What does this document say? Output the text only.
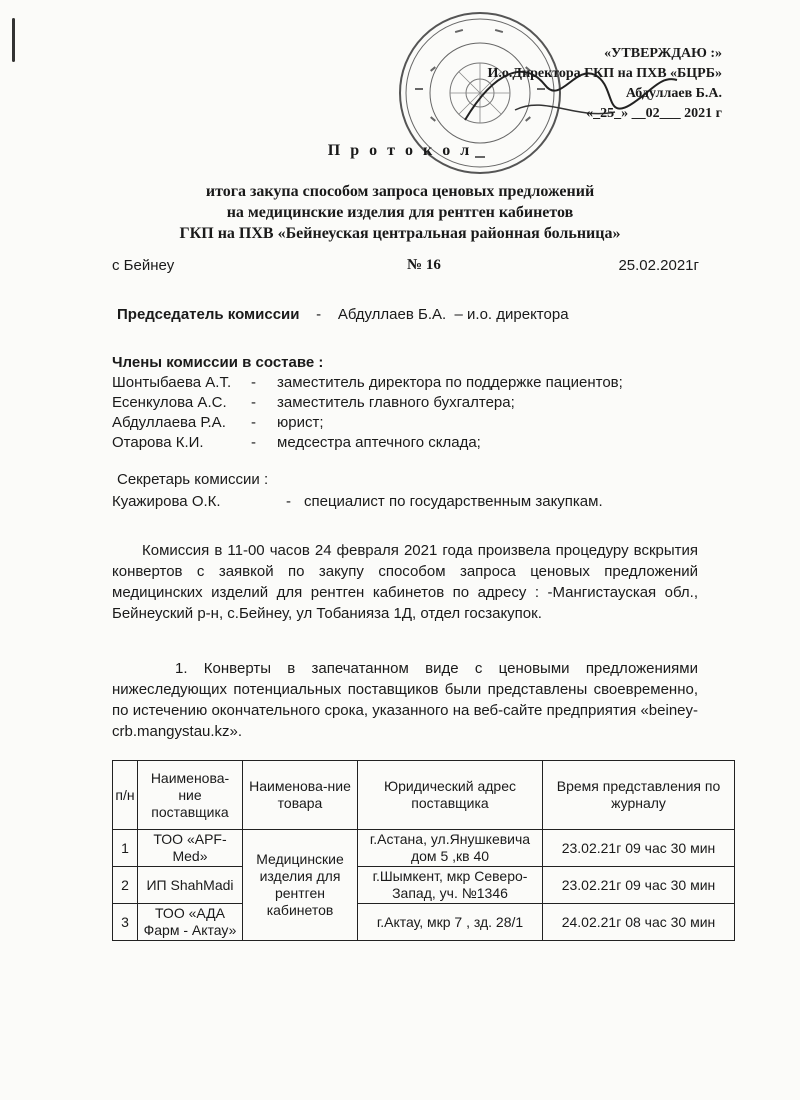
«УТВЕРЖДАЮ :»
И.о.Директора ГКП на ПХВ «БЦРБ»
Абдуллаев Б.А.
«_25_» __02___ 2021 г
П р о т о к о л
итога закупа способом запроса ценовых предложений
на медицинские изделия для рентген кабинетов
ГКП на ПХВ «Бейнеуская центральная районная больница»
с Бейнеу	№ 16	25.02.2021г
Председатель комиссии - Абдуллаев Б.А. – и.о. директора
Члены комиссии в составе :
Шонтыбаева А.Т. - заместитель директора по поддержке пациентов;
Есенкулова А.С. - заместитель главного бухгалтера;
Абдуллаева Р.А. - юрист;
Отарова К.И.	- медсестра аптечного склада;
Секретарь комиссии :
Куажирова О.К.	- специалист по государственным закупкам.
Комиссия в 11-00 часов 24 февраля 2021 года произвела процедуру вскрытия конвертов с заявкой по закупу способом запроса ценовых предложений медицинских изделий для рентген кабинетов по адресу : -Мангистауская обл., Бейнеуский р-н, с.Бейнеу, ул Тобанияза 1Д, отдел госзакупок.
1. Конверты в запечатанном виде с ценовыми предложениями нижеследующих потенциальных поставщиков были представлены своевременно, по истечению окончательного срока, указанного на веб-сайте предприятия «beiney-crb.mangystau.kz».
п/н	Наименова-ние поставщика	Наименова-ние товара	Юридический адрес поставщика	Время представления по журналу
1	ТОО «APF-Med»	Медицинские изделия для рентген кабинетов	г.Астана, ул.Янушкевича дом 5 ,кв 40	23.02.21г 09 час 30 мин
2	ИП ShahMadi		г.Шымкент, мкр Северо-Запад, уч. №1346	23.02.21г 09 час 30 мин
3	ТОО «АДА Фарм - Актау»		г.Актау, мкр 7 , зд. 28/1	24.02.21г 08 час 30 мин
